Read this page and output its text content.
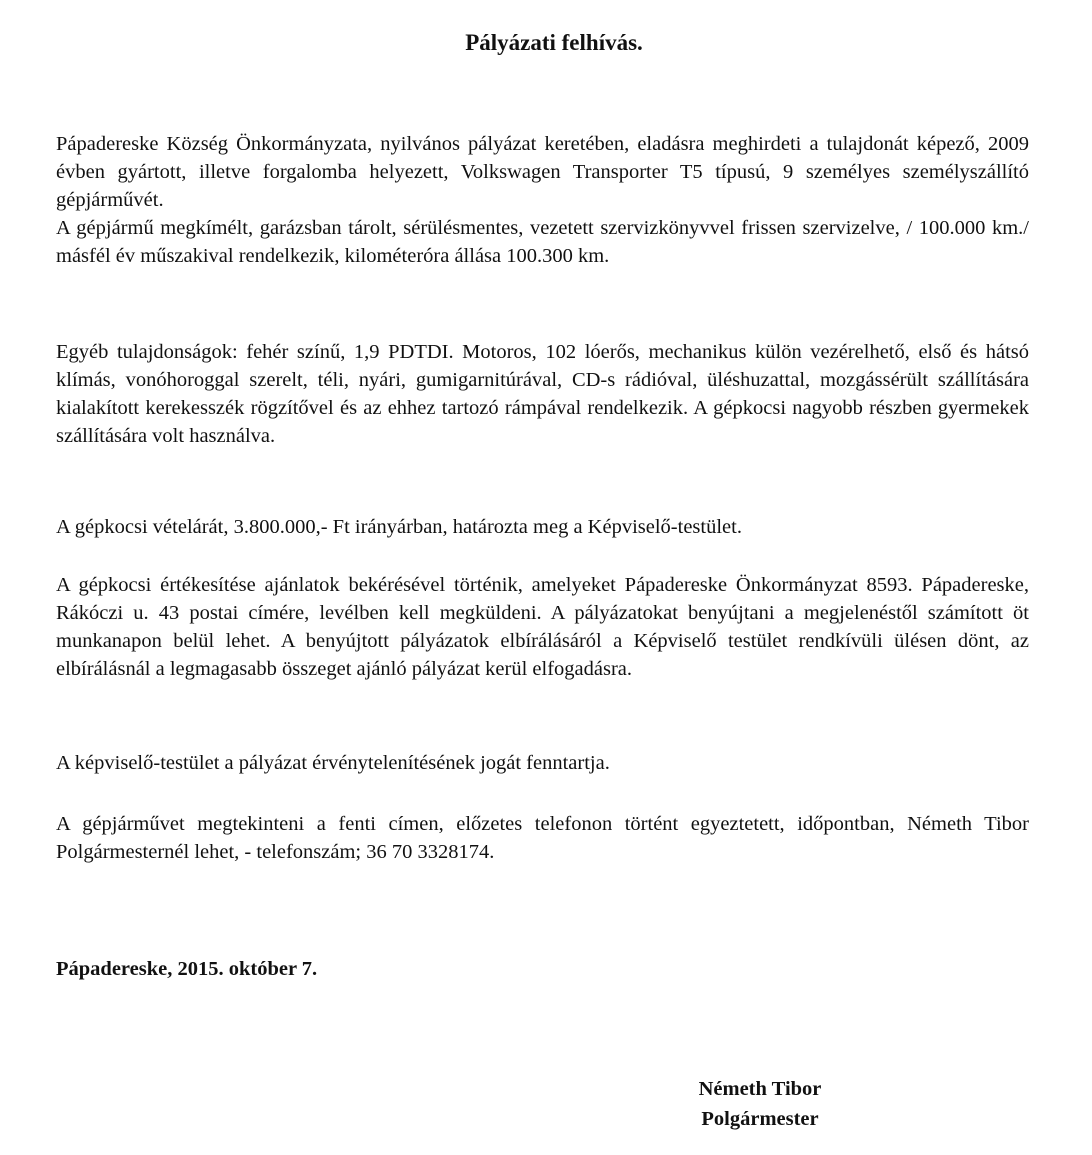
Pályázati felhívás.

Pápadereske Község Önkormányzata, nyilvános pályázat keretében, eladásra meghirdeti a tulajdonát képező, 2009 évben gyártott, illetve forgalomba helyezett, Volkswagen Transporter T5 típusú, 9 személyes személyszállító gépjárművét.
A gépjármű megkímélt, garázsban tárolt, sérülésmentes, vezetett szervizkönyvvel frissen szervizelve, / 100.000 km./ másfél év műszakival rendelkezik, kilométeróra állása 100.300 km.

Egyéb tulajdonságok: fehér színű, 1,9 PDTDI. Motoros, 102 lóerős, mechanikus külön vezérelhető, első és hátsó klímás, vonóhoroggal szerelt, téli, nyári, gumigarnitúrával, CD-s rádióval, üléshuzattal, mozgássérült szállítására kialakított kerekesszék rögzítővel és az ehhez tartozó rámpával rendelkezik. A gépkocsi nagyobb részben gyermekek szállítására volt használva.

A gépkocsi vételárát, 3.800.000,- Ft irányárban, határozta meg a Képviselő-testület.

A gépkocsi értékesítése ajánlatok bekérésével történik, amelyeket Pápadereske Önkormányzat 8593. Pápadereske, Rákóczi u. 43 postai címére, levélben kell megküldeni. A pályázatokat benyújtani a megjelenéstől számított öt munkanapon belül lehet. A benyújtott pályázatok elbírálásáról a Képviselő testület rendkívüli ülésen dönt, az elbírálásnál a legmagasabb összeget ajánló pályázat kerül elfogadásra.

A képviselő-testület a pályázat érvénytelenítésének jogát fenntartja.

A gépjárművet megtekinteni a fenti címen, előzetes telefonon történt egyeztetett, időpontban, Németh Tibor Polgármesternél lehet, - telefonszám; 36 70 3328174.

Pápadereske, 2015. október 7.

Németh Tibor
Polgármester
